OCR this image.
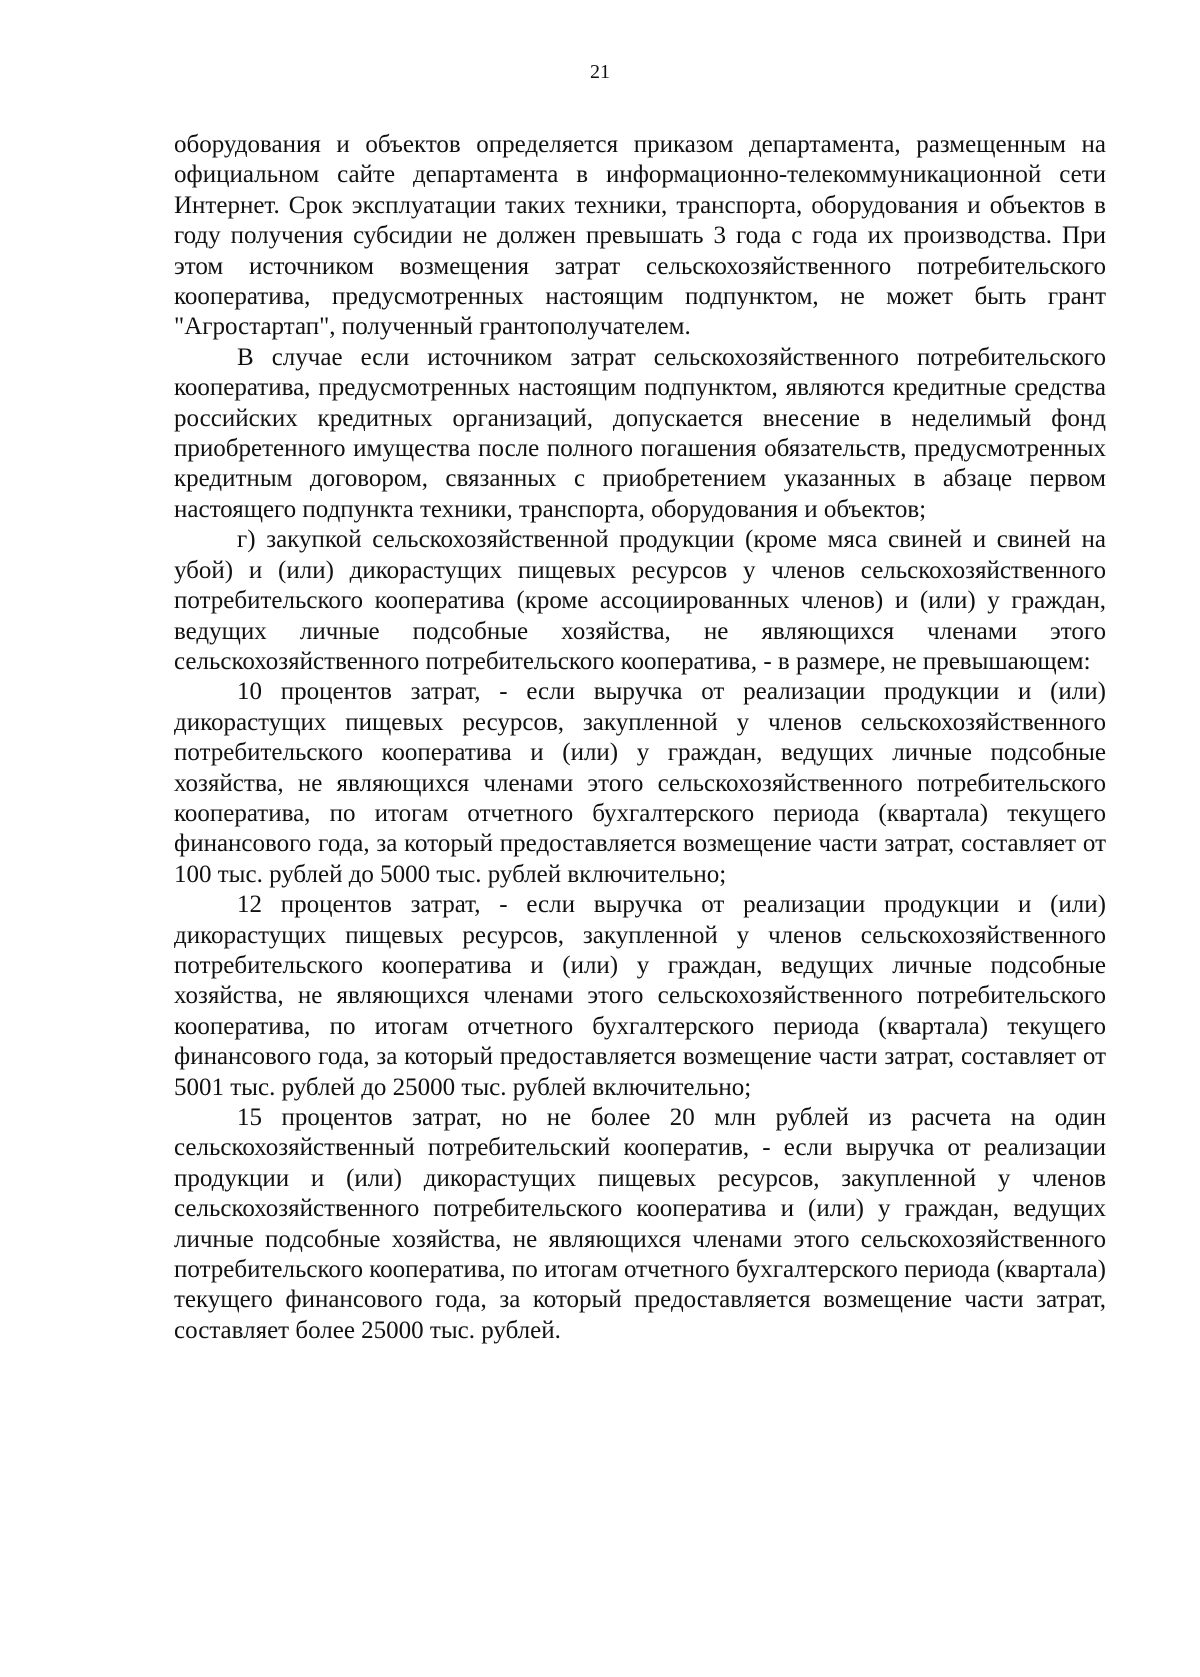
21

оборудования и объектов определяется приказом департамента, размещенным на официальном сайте департамента в информационно-телекоммуникационной сети Интернет. Срок эксплуатации таких техники, транспорта, оборудования и объектов в году получения субсидии не должен превышать 3 года с года их производства. При этом источником возмещения затрат сельскохозяйственного потребительского кооператива, предусмотренных настоящим подпунктом, не может быть грант "Агростартап", полученный грантополучателем.

В случае если источником затрат сельскохозяйственного потребительского кооператива, предусмотренных настоящим подпунктом, являются кредитные средства российских кредитных организаций, допускается внесение в неделимый фонд приобретенного имущества после полного погашения обязательств, предусмотренных кредитным договором, связанных с приобретением указанных в абзаце первом настоящего подпункта техники, транспорта, оборудования и объектов;

г) закупкой сельскохозяйственной продукции (кроме мяса свиней и свиней на убой) и (или) дикорастущих пищевых ресурсов у членов сельскохозяйственного потребительского кооператива (кроме ассоциированных членов) и (или) у граждан, ведущих личные подсобные хозяйства, не являющихся членами этого сельскохозяйственного потребительского кооператива, - в размере, не превышающем:

10 процентов затрат, - если выручка от реализации продукции и (или) дикорастущих пищевых ресурсов, закупленной у членов сельскохозяйственного потребительского кооператива и (или) у граждан, ведущих личные подсобные хозяйства, не являющихся членами этого сельскохозяйственного потребительского кооператива, по итогам отчетного бухгалтерского периода (квартала) текущего финансового года, за который предоставляется возмещение части затрат, составляет от 100 тыс. рублей до 5000 тыс. рублей включительно;

12 процентов затрат, - если выручка от реализации продукции и (или) дикорастущих пищевых ресурсов, закупленной у членов сельскохозяйственного потребительского кооператива и (или) у граждан, ведущих личные подсобные хозяйства, не являющихся членами этого сельскохозяйственного потребительского кооператива, по итогам отчетного бухгалтерского периода (квартала) текущего финансового года, за который предоставляется возмещение части затрат, составляет от 5001 тыс. рублей до 25000 тыс. рублей включительно;

15 процентов затрат, но не более 20 млн рублей из расчета на один сельскохозяйственный потребительский кооператив, - если выручка от реализации продукции и (или) дикорастущих пищевых ресурсов, закупленной у членов сельскохозяйственного потребительского кооператива и (или) у граждан, ведущих личные подсобные хозяйства, не являющихся членами этого сельскохозяйственного потребительского кооператива, по итогам отчетного бухгалтерского периода (квартала) текущего финансового года, за который предоставляется возмещение части затрат, составляет более 25000 тыс. рублей.
